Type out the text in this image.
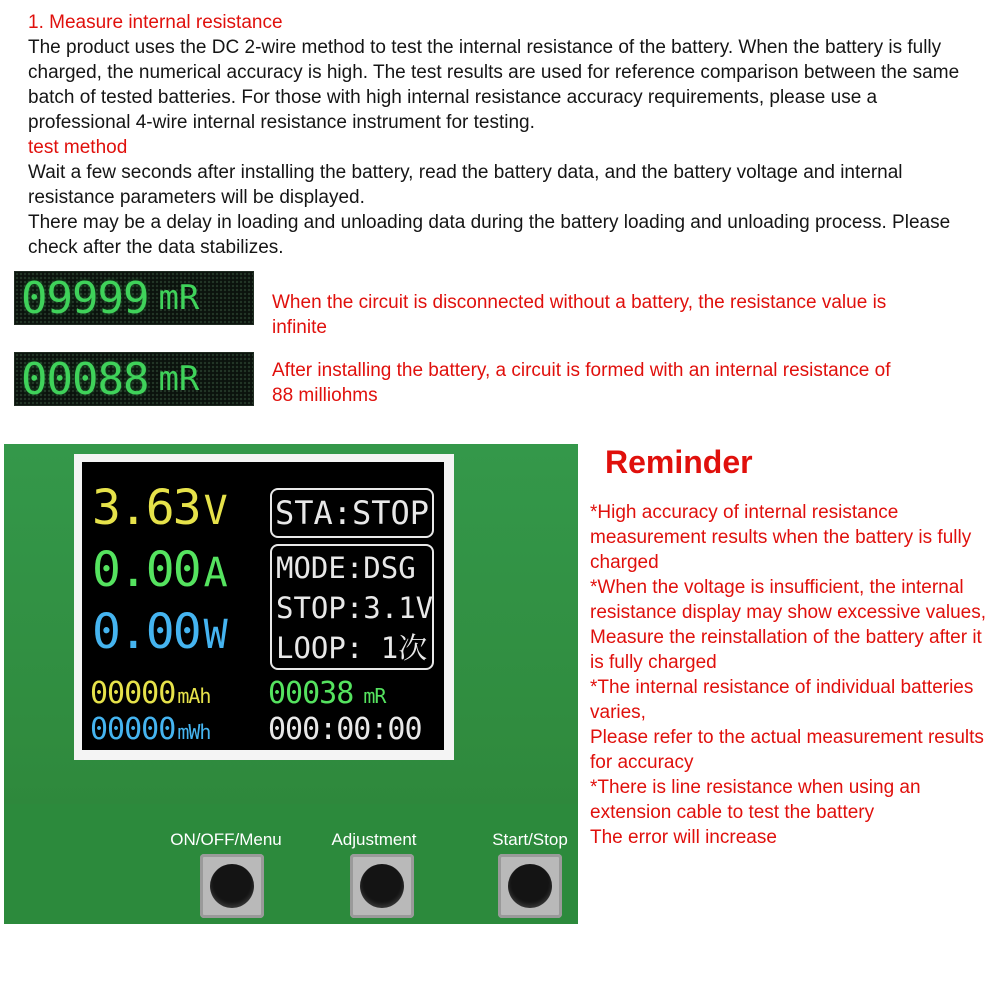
1. Measure internal resistance

The product uses the DC 2-wire method to test the internal resistance of the battery. When the battery is fully charged, the numerical accuracy is high. The test results are used for reference comparison between the same batch of tested batteries. For those with high internal resistance accuracy requirements, please use a professional 4-wire internal resistance instrument for testing.

test method

Wait a few seconds after installing the battery, read the battery data, and the battery voltage and internal resistance parameters will be displayed.

There may be a delay in loading and unloading data during the battery loading and unloading process. Please check after the data stabilizes.

09999 mR	When the circuit is disconnected without a battery, the resistance value is infinite
00088 mR	After installing the battery, a circuit is formed with an internal resistance of 88 milliohms
3.63 V
0.00 A
0.00 W
STA:STOP
MODE:DSG
STOP:3.1V
LOOP: 1次
00000 mAh 00038 mR
00000 mWh 000:00:00
ON/OFF/Menu	Adjustment	Start/Stop
Reminder
*High accuracy of internal resistance measurement results when the battery is fully charged
*When the voltage is insufficient, the internal resistance display may show excessive values,
Measure the reinstallation of the battery after it is fully charged
*The internal resistance of individual batteries varies,
Please refer to the actual measurement results for accuracy
*There is line resistance when using an extension cable to test the battery
The error will increase
